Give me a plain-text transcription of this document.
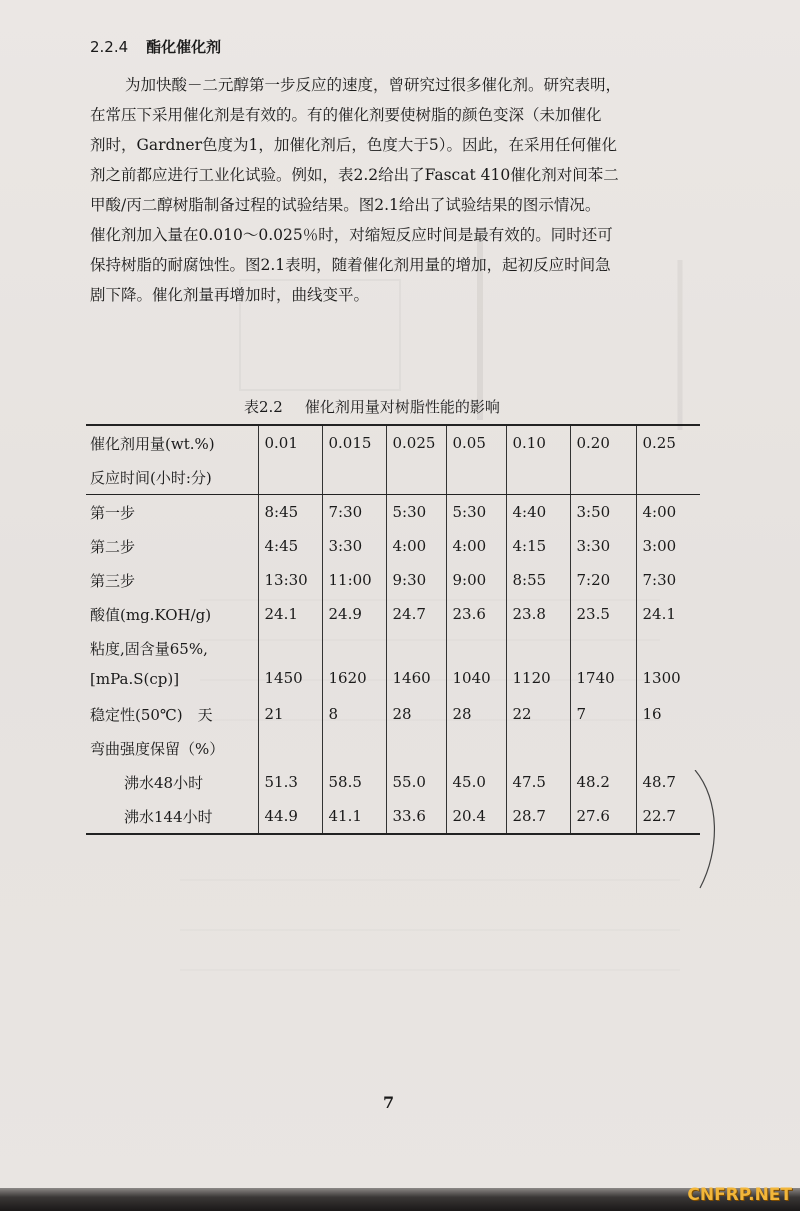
2.2.4 酯化催化剂
为加快酸－二元醇第一步反应的速度，曾研究过很多催化剂。研究表明，
在常压下采用催化剂是有效的。有的催化剂要使树脂的颜色变深（未加催化
剂时，Gardner色度为1，加催化剂后，色度大于5）。因此，在采用任何催化
剂之前都应进行工业化试验。例如，表2.2给出了Fascat 410催化剂对间苯二
甲酸/丙二醇树脂制备过程的试验结果。图2.1给出了试验结果的图示情况。
催化剂加入量在0.010～0.025％时，对缩短反应时间是最有效的。同时还可
保持树脂的耐腐蚀性。图2.1表明，随着催化剂用量的增加，起初反应时间急
剧下降。催化剂量再增加时，曲线变平。
表2.2 催化剂用量对树脂性能的影响
催化剂用量(wt.%)	0.01	0.015	0.025	0.05	0.10	0.20	0.25
反应时间(小时:分)							
第一步	8:45	7:30	5:30	5:30	4:40	3:50	4:00
第二步	4:45	3:30	4:00	4:00	4:15	3:30	3:00
第三步	13:30	11:00	9:30	9:00	8:55	7:20	7:30
酸值(mg.KOH/g)	24.1	24.9	24.7	23.6	23.8	23.5	24.1

粘度,固含量65%,
[mPa.S(cp)]	1450	1620	1460	1040	1120	1740	1300
稳定性(50℃)　天	21	8	28	28	22	7	16
弯曲强度保留（%）							
沸水48小时	51.3	58.5	55.0	45.0	47.5	48.2	48.7
沸水144小时	44.9	41.1	33.6	20.4	28.7	27.6	22.7
7
CNFRP.NET
